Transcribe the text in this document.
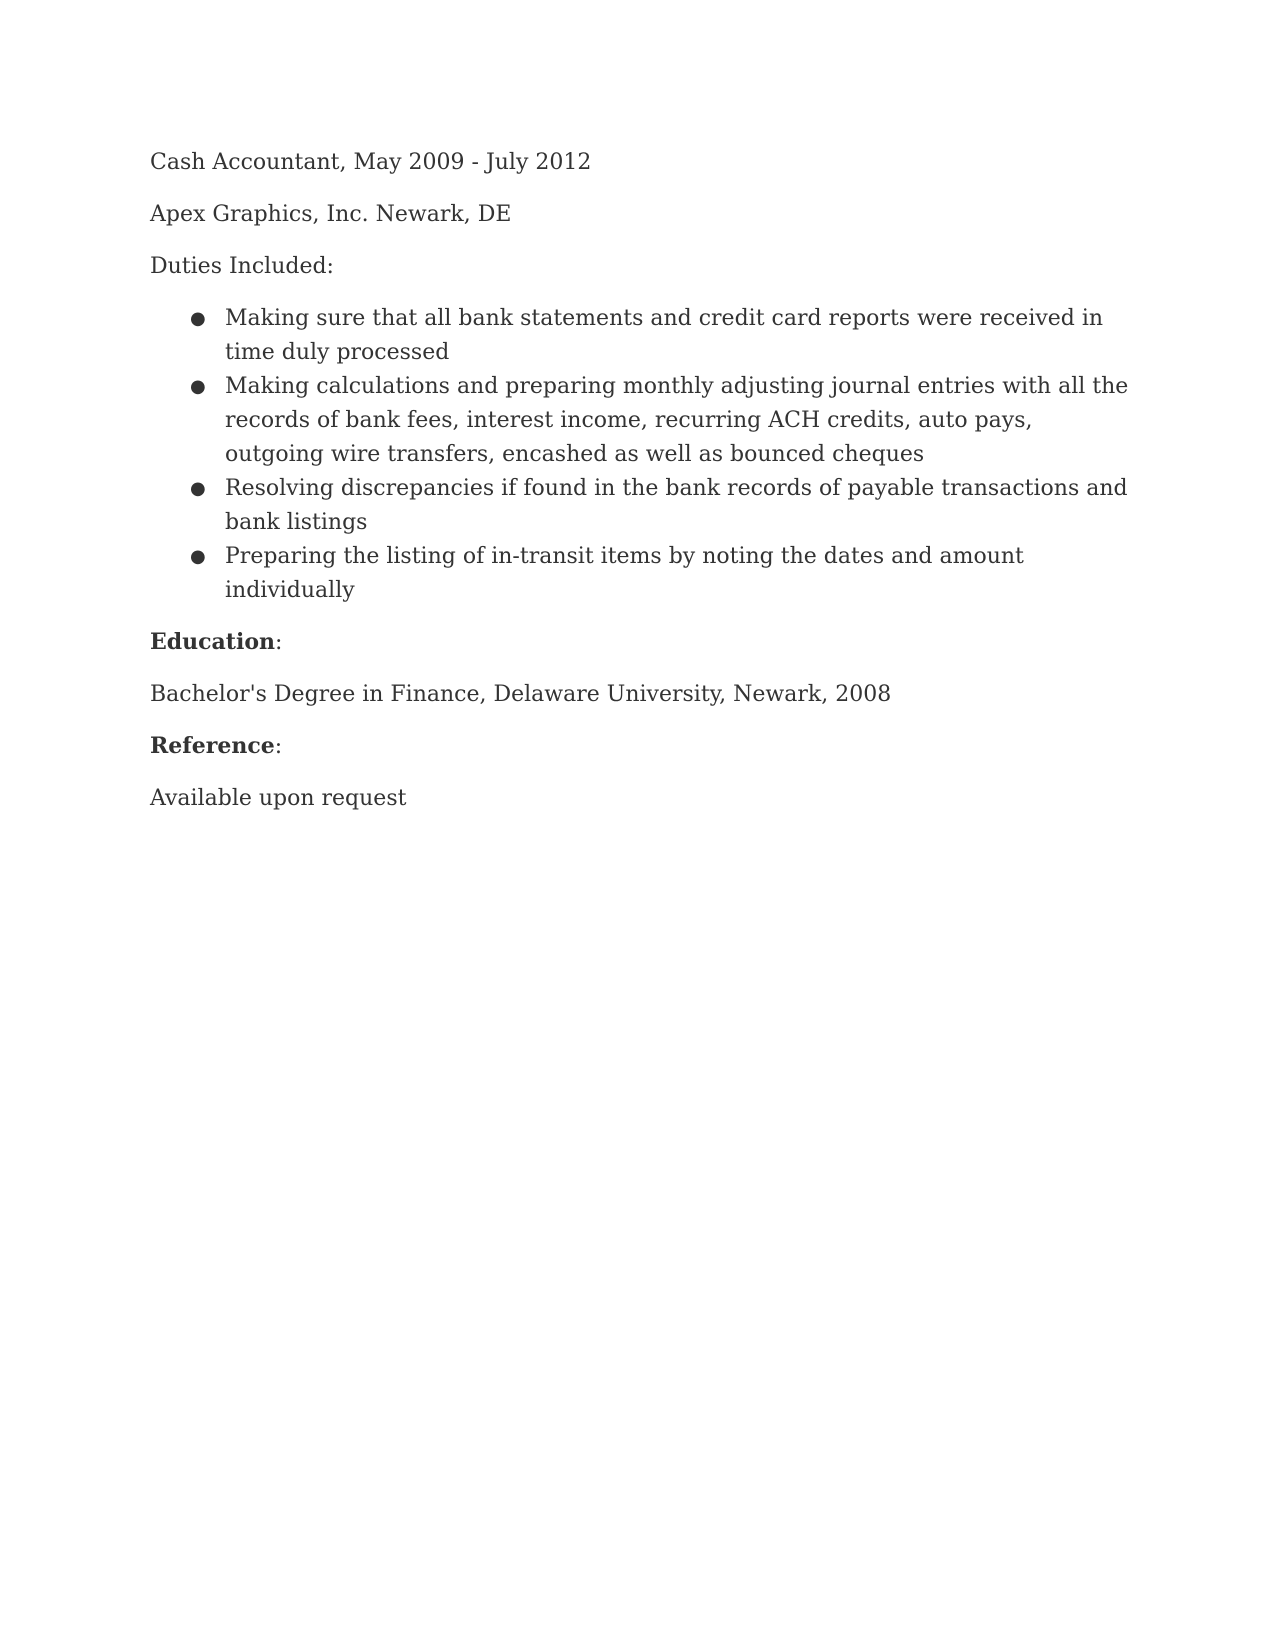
Cash Accountant, May 2009 - July 2012

Apex Graphics, Inc. Newark, DE

Duties Included:

● Making sure that all bank statements and credit card reports were received in time duly processed
● Making calculations and preparing monthly adjusting journal entries with all the records of bank fees, interest income, recurring ACH credits, auto pays, outgoing wire transfers, encashed as well as bounced cheques
● Resolving discrepancies if found in the bank records of payable transactions and bank listings
● Preparing the listing of in-transit items by noting the dates and amount individually

Education:

Bachelor's Degree in Finance, Delaware University, Newark, 2008

Reference:

Available upon request
